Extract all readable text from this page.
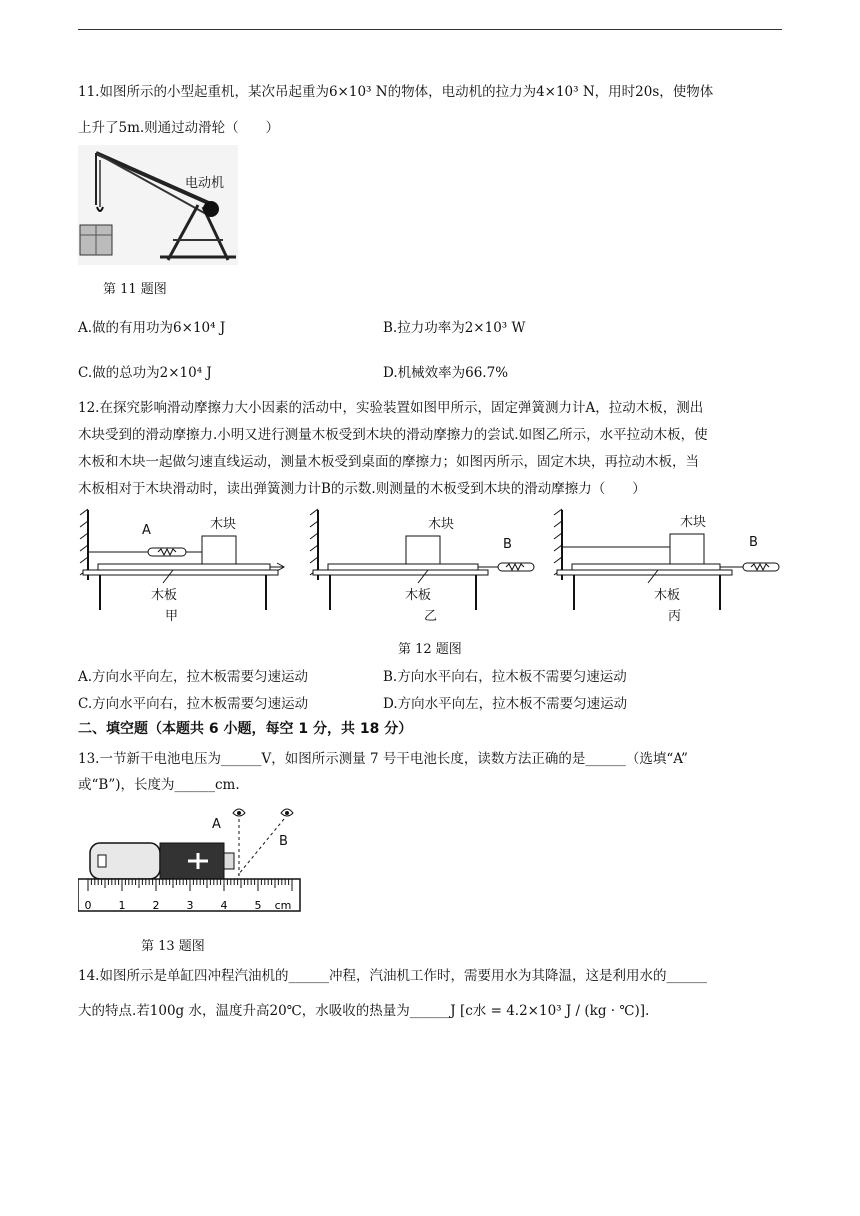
11.如图所示的小型起重机，某次吊起重为6×10³ N的物体，电动机的拉力为4×10³ N，用时20s，使物体
上升了5m.则通过动滑轮（　　）
电动机
第 11 题图
A.做的有用功为6×10⁴ J	B.拉力功率为2×10³ W
C.做的总功为2×10⁴ J	D.机械效率为66.7%
12.在探究影响滑动摩擦力大小因素的活动中，实验装置如图甲所示，固定弹簧测力计A，拉动木板，测出
木块受到的滑动摩擦力.小明又进行测量木板受到木块的滑动摩擦力的尝试.如图乙所示，水平拉动木板，使
木板和木块一起做匀速直线运动，测量木板受到桌面的摩擦力；如图丙所示，固定木块，再拉动木板，当
木板相对于木块滑动时，读出弹簧测力计B的示数.则测量的木板受到木块的滑动摩擦力（　　）
木块
A
木板
甲
木块
B
木板
乙
木块
B
木板
丙
第 12 题图
A.方向水平向左，拉木板需要匀速运动	B.方向水平向右，拉木板不需要匀速运动
C.方向水平向右，拉木板需要匀速运动	D.方向水平向左，拉木板不需要匀速运动
二、填空题（本题共 6 小题，每空 1 分，共 18 分）
13.一节新干电池电压为______V，如图所示测量 7 号干电池长度，读数方法正确的是______（选填“A”
或“B”)，长度为______cm.
0 1 2 3 4 5 cm
A
B
第 13 题图
14.如图所示是单缸四冲程汽油机的______冲程，汽油机工作时，需要用水为其降温，这是利用水的______
大的特点.若100g 水，温度升高20℃，水吸收的热量为______J [c水 = 4.2×10³ J / (kg · ℃)].
